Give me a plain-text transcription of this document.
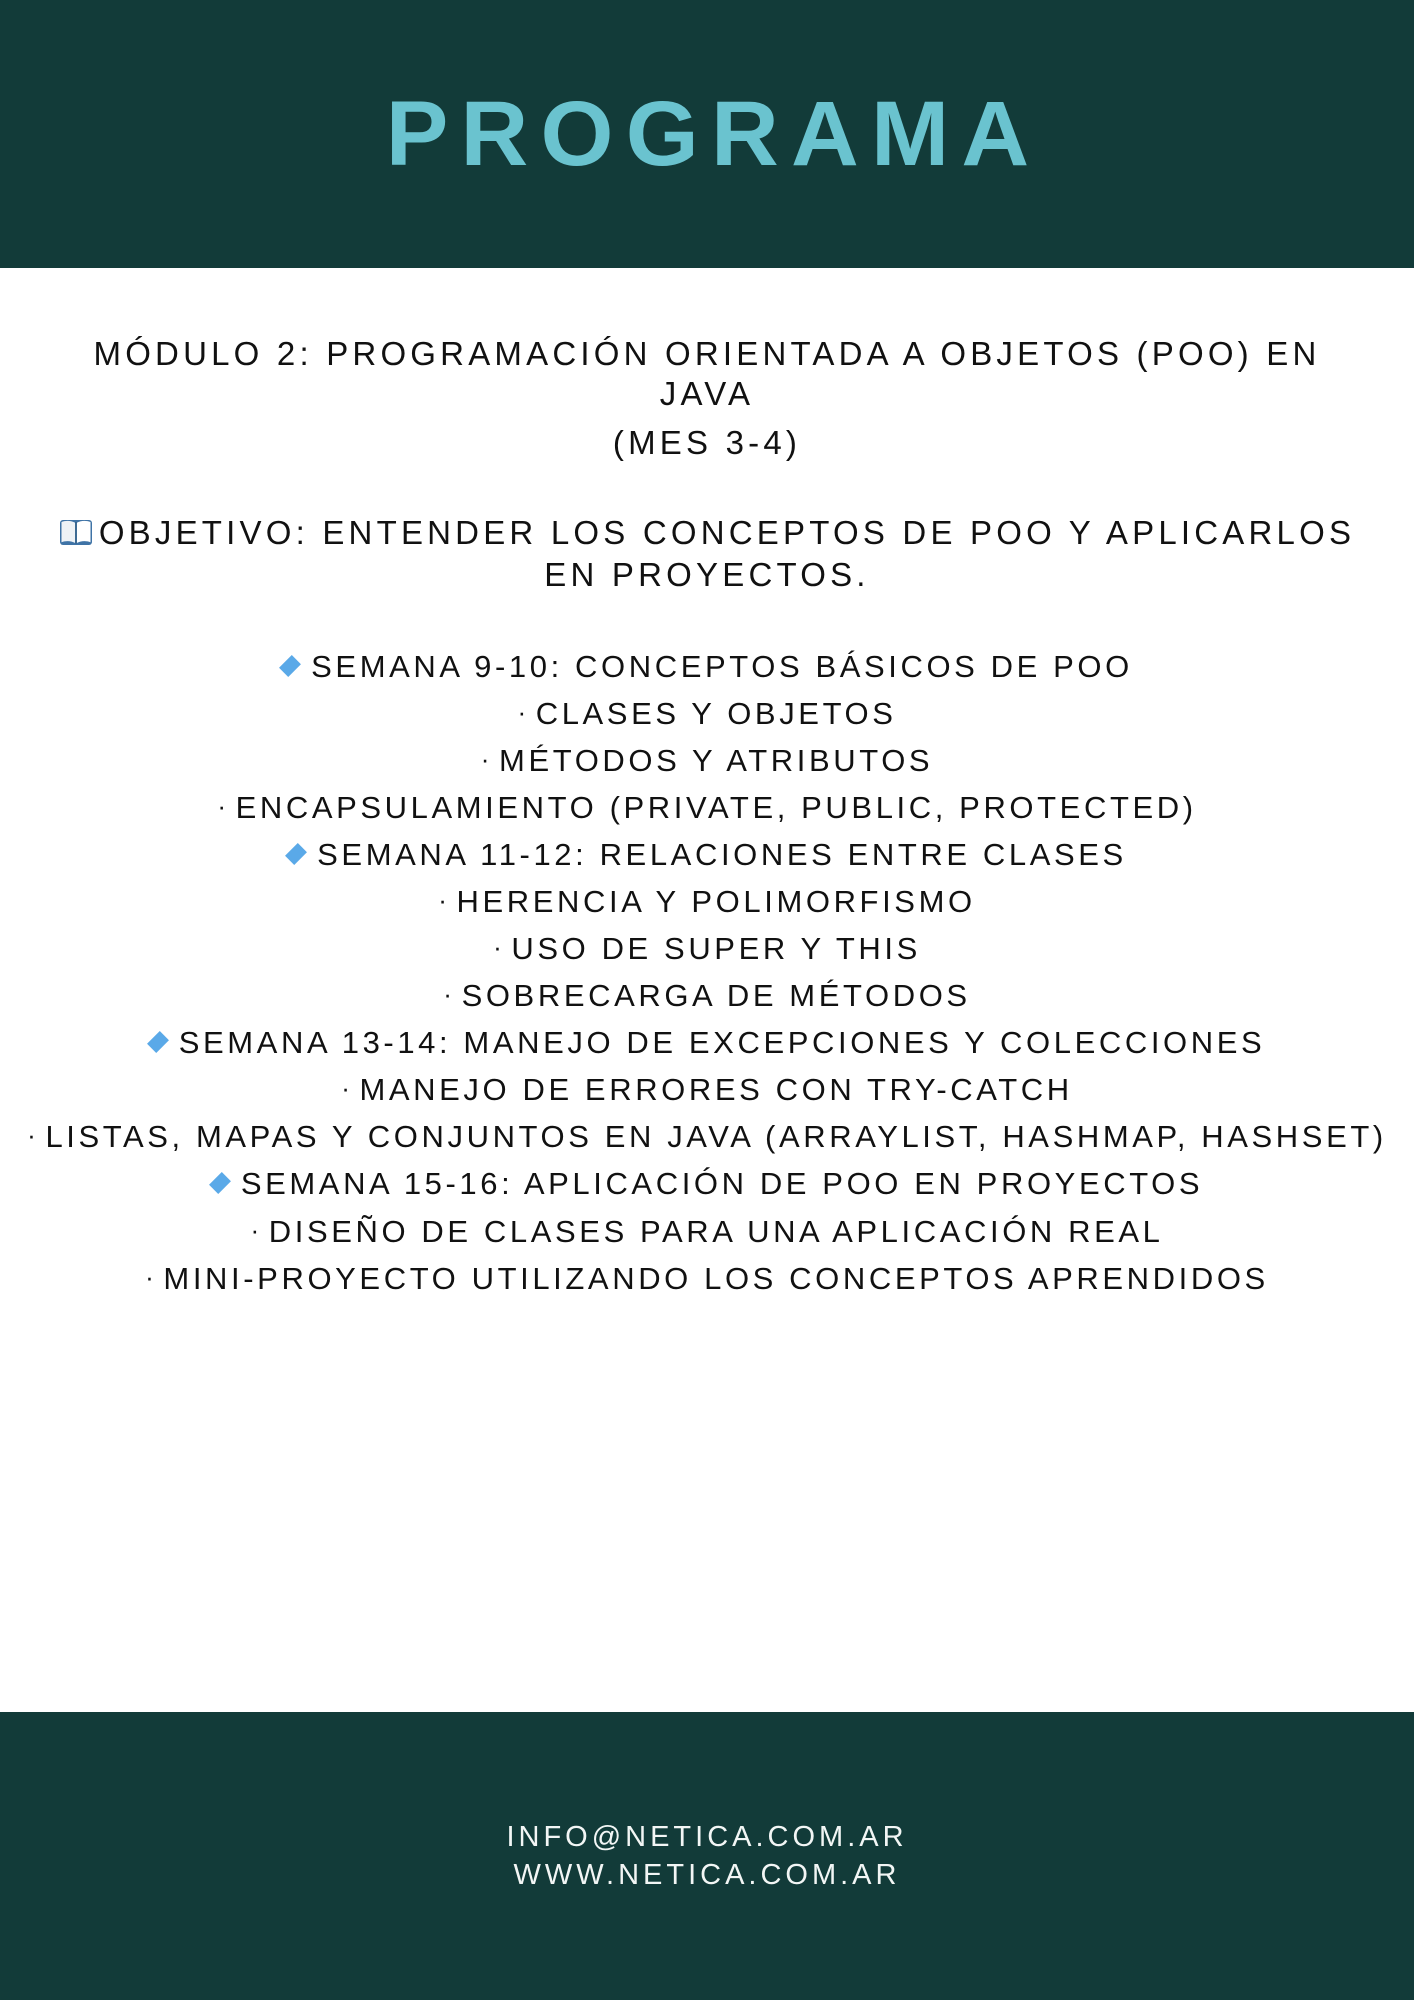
PROGRAMA
MÓDULO 2: PROGRAMACIÓN ORIENTADA A OBJETOS (POO) EN JAVA
(MES 3-4)
OBJETIVO: ENTENDER LOS CONCEPTOS DE POO Y APLICARLOS EN PROYECTOS.
SEMANA 9-10: CONCEPTOS BÁSICOS DE POO
· CLASES Y OBJETOS
· MÉTODOS Y ATRIBUTOS
· ENCAPSULAMIENTO (PRIVATE, PUBLIC, PROTECTED)
SEMANA 11-12: RELACIONES ENTRE CLASES
· HERENCIA Y POLIMORFISMO
· USO DE SUPER Y THIS
· SOBRECARGA DE MÉTODOS
SEMANA 13-14: MANEJO DE EXCEPCIONES Y COLECCIONES
· MANEJO DE ERRORES CON TRY-CATCH
· LISTAS, MAPAS Y CONJUNTOS EN JAVA (ARRAYLIST, HASHMAP, HASHSET)
SEMANA 15-16: APLICACIÓN DE POO EN PROYECTOS
· DISEÑO DE CLASES PARA UNA APLICACIÓN REAL
· MINI-PROYECTO UTILIZANDO LOS CONCEPTOS APRENDIDOS
INFO@NETICA.COM.AR
WWW.NETICA.COM.AR
